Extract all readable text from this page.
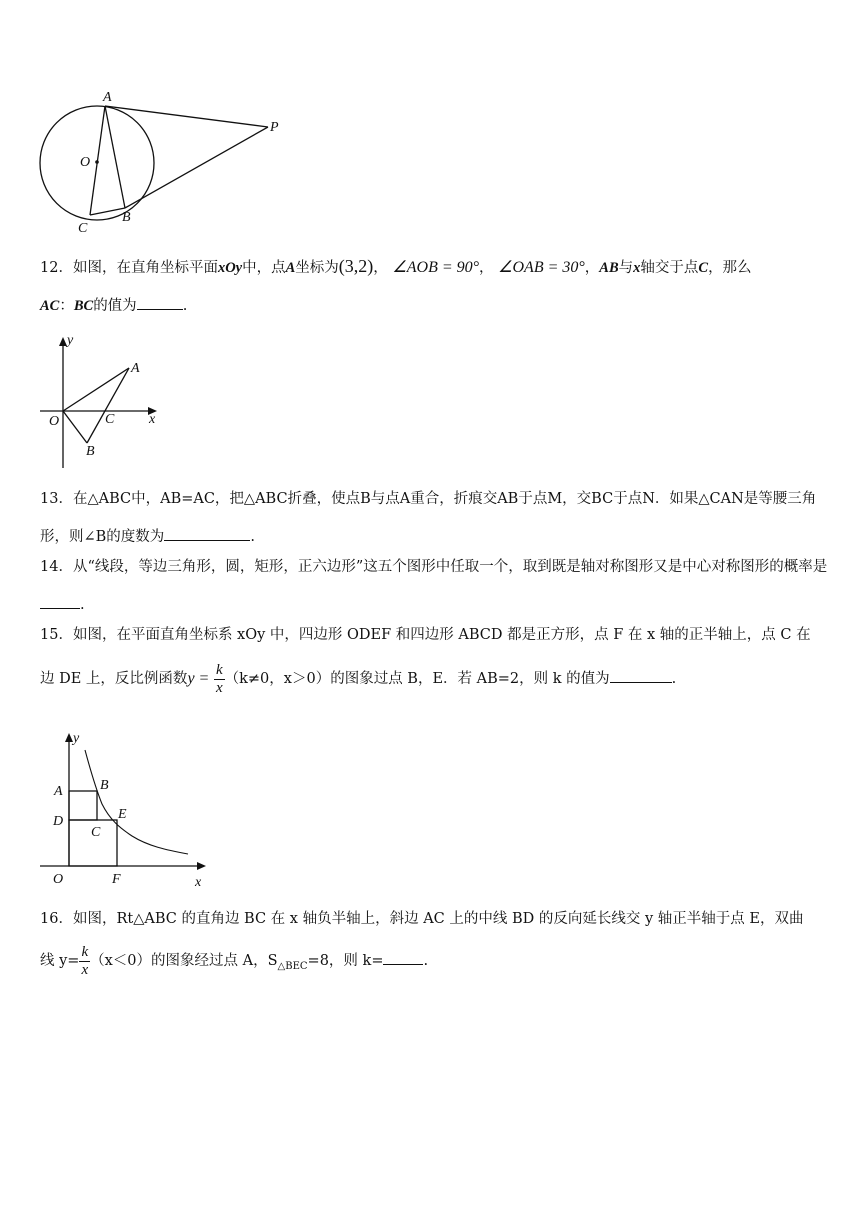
A
P
O
B
C
12．如图，在直角坐标平面xOy中，点A坐标为(3,2)， ∠AOB = 90°， ∠OAB = 30°，AB与x轴交于点C，那么
AC：BC的值为	.
y
A
O	C x
B
13．在△ABC中，AB=AC，把△ABC折叠，使点B与点A重合，折痕交AB于点M，交BC于点N．如果△CAN是等腰三角形，则∠B的度数为	.
14．从“线段，等边三角形，圆，矩形，正六边形”这五个图形中任取一个，取到既是轴对称图形又是中心对称图形的概率是.
15．如图，在平面直角坐标系 xOy 中，四边形 ODEF 和四边形 ABCD 都是正方形，点 F 在 x 轴的正半轴上，点 C 在
边 DE 上，反比例函数$y = \frac{k}{x} (k\ne 0$，x＞0）的图象过点 B，E．若 AB=2，则 k 的值为	.
y
A	B
D	E
C
O	F	x
16．如图，Rt△ABC 的直角边 BC 在 x 轴负半轴上，斜边 AC 上的中线 BD 的反向延长线交 y 轴正半轴于点 E，双曲
线 $y= \frac{k}{x} (x<0)$的图象经过点 A，$S_{\triangle BEC}=8$，则 k=	.
